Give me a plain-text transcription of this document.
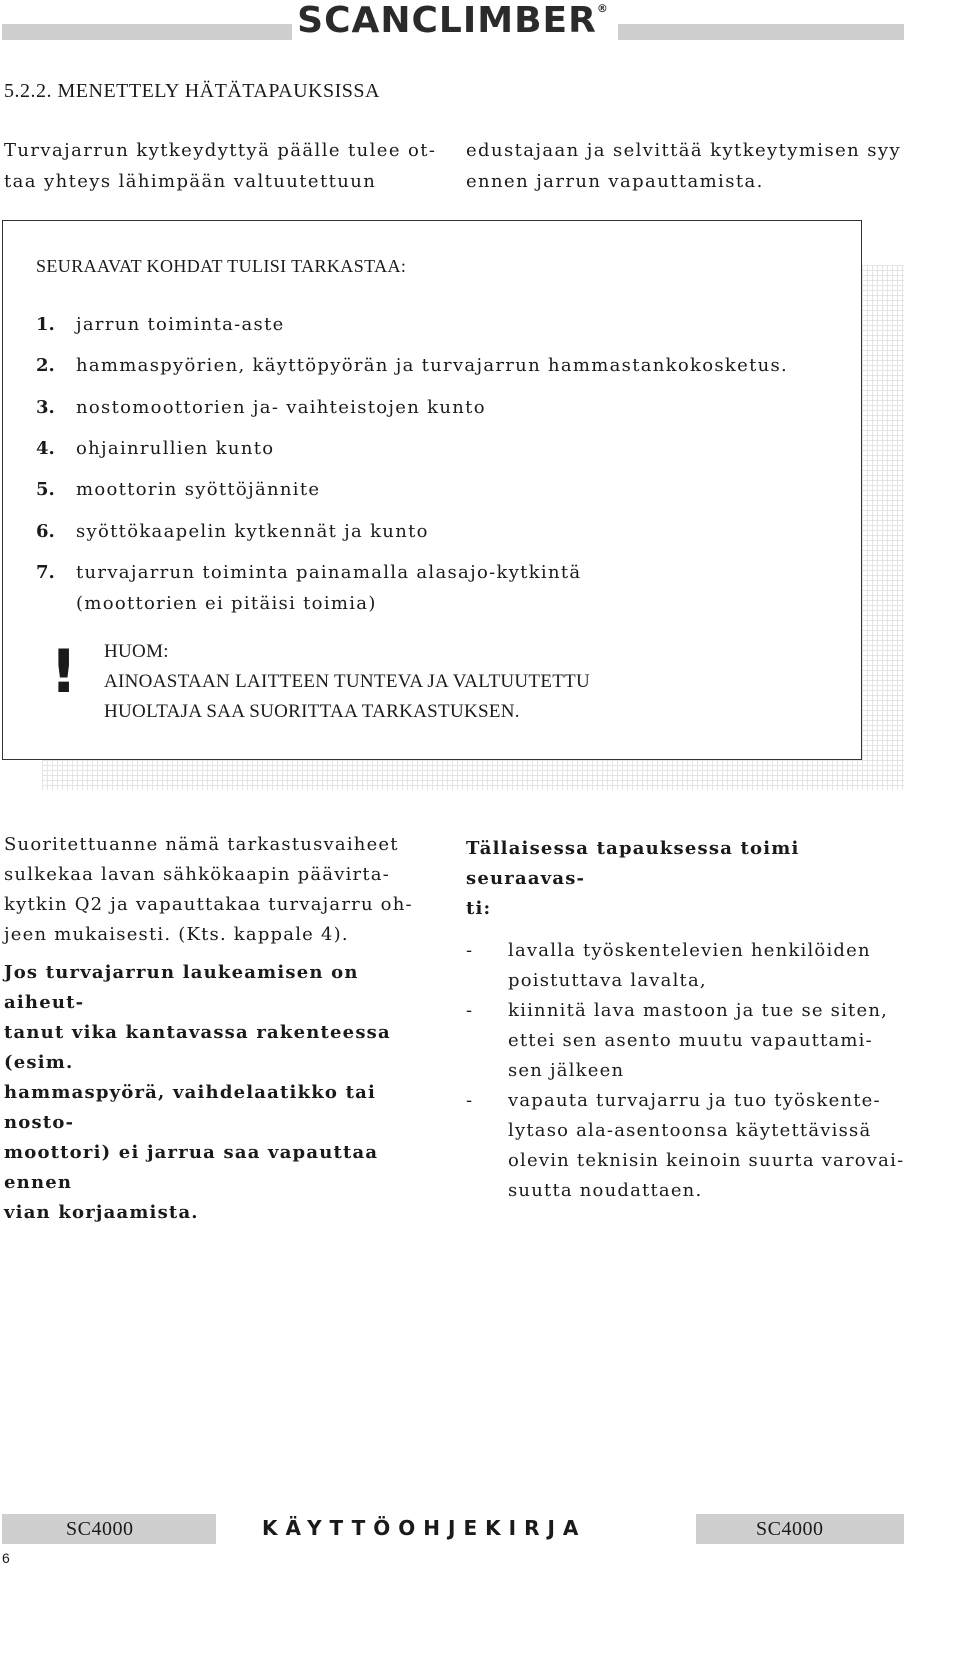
SCANCLIMBER®
5.2.2. MENETTELY HÄTÄTAPAUKSISSA
Turvajarrun kytkeydyttyä päälle tulee ot-
taa yhteys lähimpään valtuutettuun
edustajaan ja selvittää kytkeytymisen syy
ennen jarrun vapauttamista.
SEURAAVAT KOHDAT TULISI TARKASTAA:
1. jarrun toiminta-aste
2. hammaspyörien, käyttöpyörän ja turvajarrun hammastankokosketus.
3. nostomoottorien ja- vaihteistojen kunto
4. ohjainrullien kunto
5. moottorin syöttöjännite
6. syöttökaapelin kytkennät ja kunto
7. turvajarrun toiminta painamalla alasajo-kytkintä
(moottorien ei pitäisi toimia)
! HUOM:
AINOASTAAN LAITTEEN TUNTEVA JA VALTUUTETTU
HUOLTAJA SAA SUORITTAA TARKASTUKSEN.
Suoritettuanne nämä tarkastusvaiheet
sulkekaa lavan sähkökaapin päävirta-
kytkin Q2 ja vapauttakaa turvajarru oh-
jeen mukaisesti. (Kts. kappale 4).
Jos turvajarrun laukeamisen on aiheut-
tanut vika kantavassa rakenteessa (esim.
hammaspyörä, vaihdelaatikko tai nosto-
moottori) ei jarrua saa vapauttaa ennen
vian korjaamista.
Tällaisessa tapauksessa toimi seuraavas-
ti:
- lavalla työskentelevien henkilöiden
poistuttava lavalta,
- kiinnitä lava mastoon ja tue se siten,
ettei sen asento muutu vapauttami-
sen jälkeen
- vapauta turvajarru ja tuo työskente-
lytaso ala-asentoonsa käytettävissä
olevin teknisin keinoin suurta varovai-
suutta noudattaen.
SC4000	KÄYTTÖOHJEKIRJA	SC4000
6
